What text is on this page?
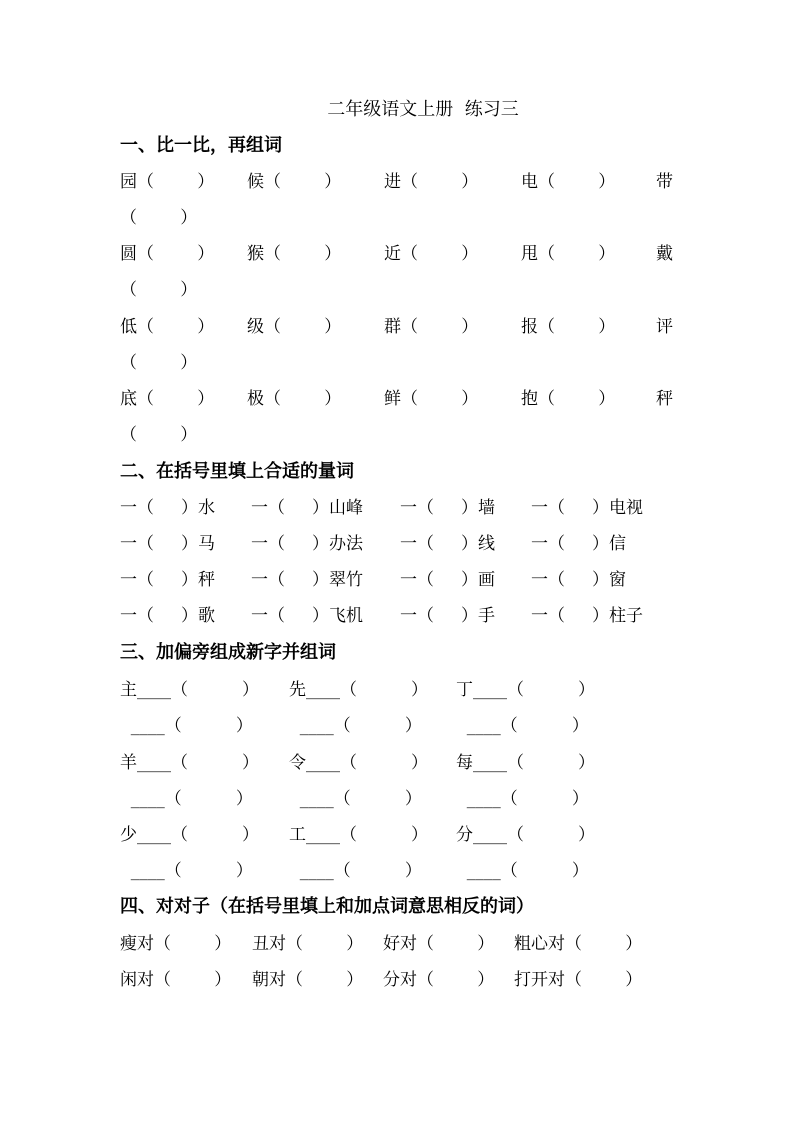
二年级语文上册  练习三
一、比一比，再组词
园（        ） 候（        ）	进（        ）	电（        ） 带
（        ）
圆（        ） 猴（        ）	近（        ）	甩（        ） 戴
（        ）
低（        ） 级（        ）	群（        ）	报（        ） 评
（        ）
底（        ） 极（        ）	鲜（        ）	抱（        ） 秤
（        ）
二、在括号里填上合适的量词
一（     ）水 一（     ）山峰 一（     ）墙 一（     ）电视
一（     ）马 一（     ）办法 一（     ）线 一（     ）信
一（     ）秤 一（     ）翠竹 一（     ）画 一（     ）窗
一（     ）歌 一（     ）飞机 一（     ）手 一（     ）柱子
三、加偏旁组成新字并组词
主____（          ） 先____（          ） 丁____（          ）
____（          ） ____（          ） ____（          ）
羊____（          ） 令____（          ） 每____（          ）
____（          ） ____（          ） ____（          ）
少____（          ） 工____（          ） 分____（          ）
____（          ） ____（          ） ____（          ）
四、对对子（在括号里填上和加点词意思相反的词）
瘦对（        ） 丑对（        ） 好对（        ） 粗心对（        ）
闲对（        ） 朝对（        ） 分对（        ） 打开对（        ）
